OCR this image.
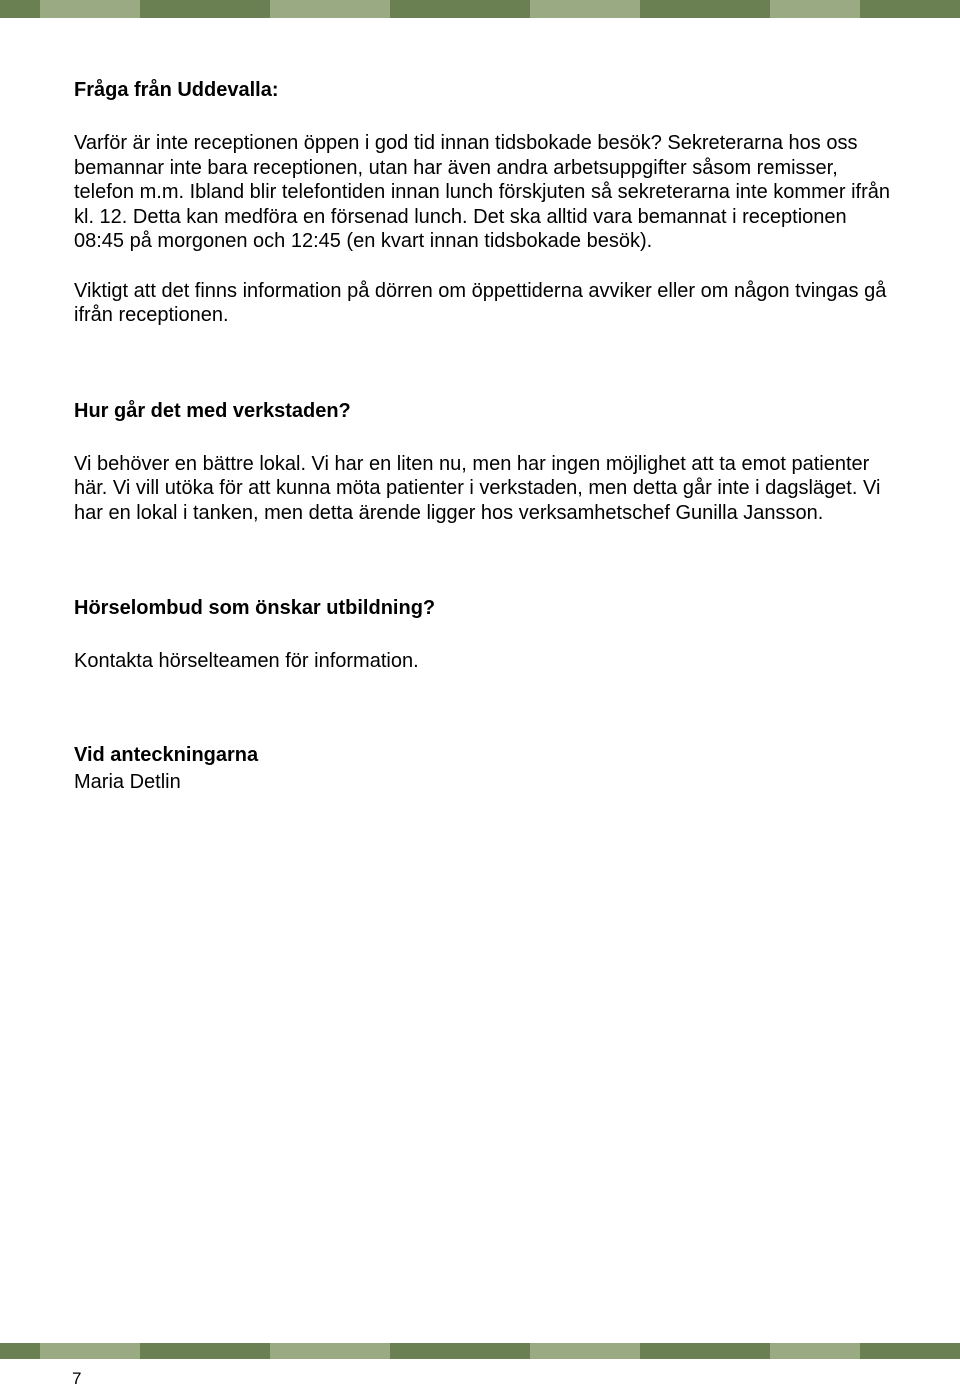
Fråga från Uddevalla:

Varför är inte receptionen öppen i god tid innan tidsbokade besök? Sekreterarna hos oss bemannar inte bara receptionen, utan har även andra arbetsuppgifter såsom remisser, telefon m.m. Ibland blir telefontiden innan lunch förskjuten så sekreterarna inte kommer ifrån kl. 12. Detta kan medföra en försenad lunch. Det ska alltid vara bemannat i receptionen 08:45 på morgonen och 12:45 (en kvart innan tidsbokade besök).

Viktigt att det finns information på dörren om öppettiderna avviker eller om någon tvingas gå ifrån receptionen.

Hur går det med verkstaden?

Vi behöver en bättre lokal. Vi har en liten nu, men har ingen möjlighet att ta emot patienter här. Vi vill utöka för att kunna möta patienter i verkstaden, men detta går inte i dagsläget. Vi har en lokal i tanken, men detta ärende ligger hos verksamhetschef Gunilla Jansson.

Hörselombud som önskar utbildning?

Kontakta hörselteamen för information.

Vid anteckningarna

Maria Detlin

7
